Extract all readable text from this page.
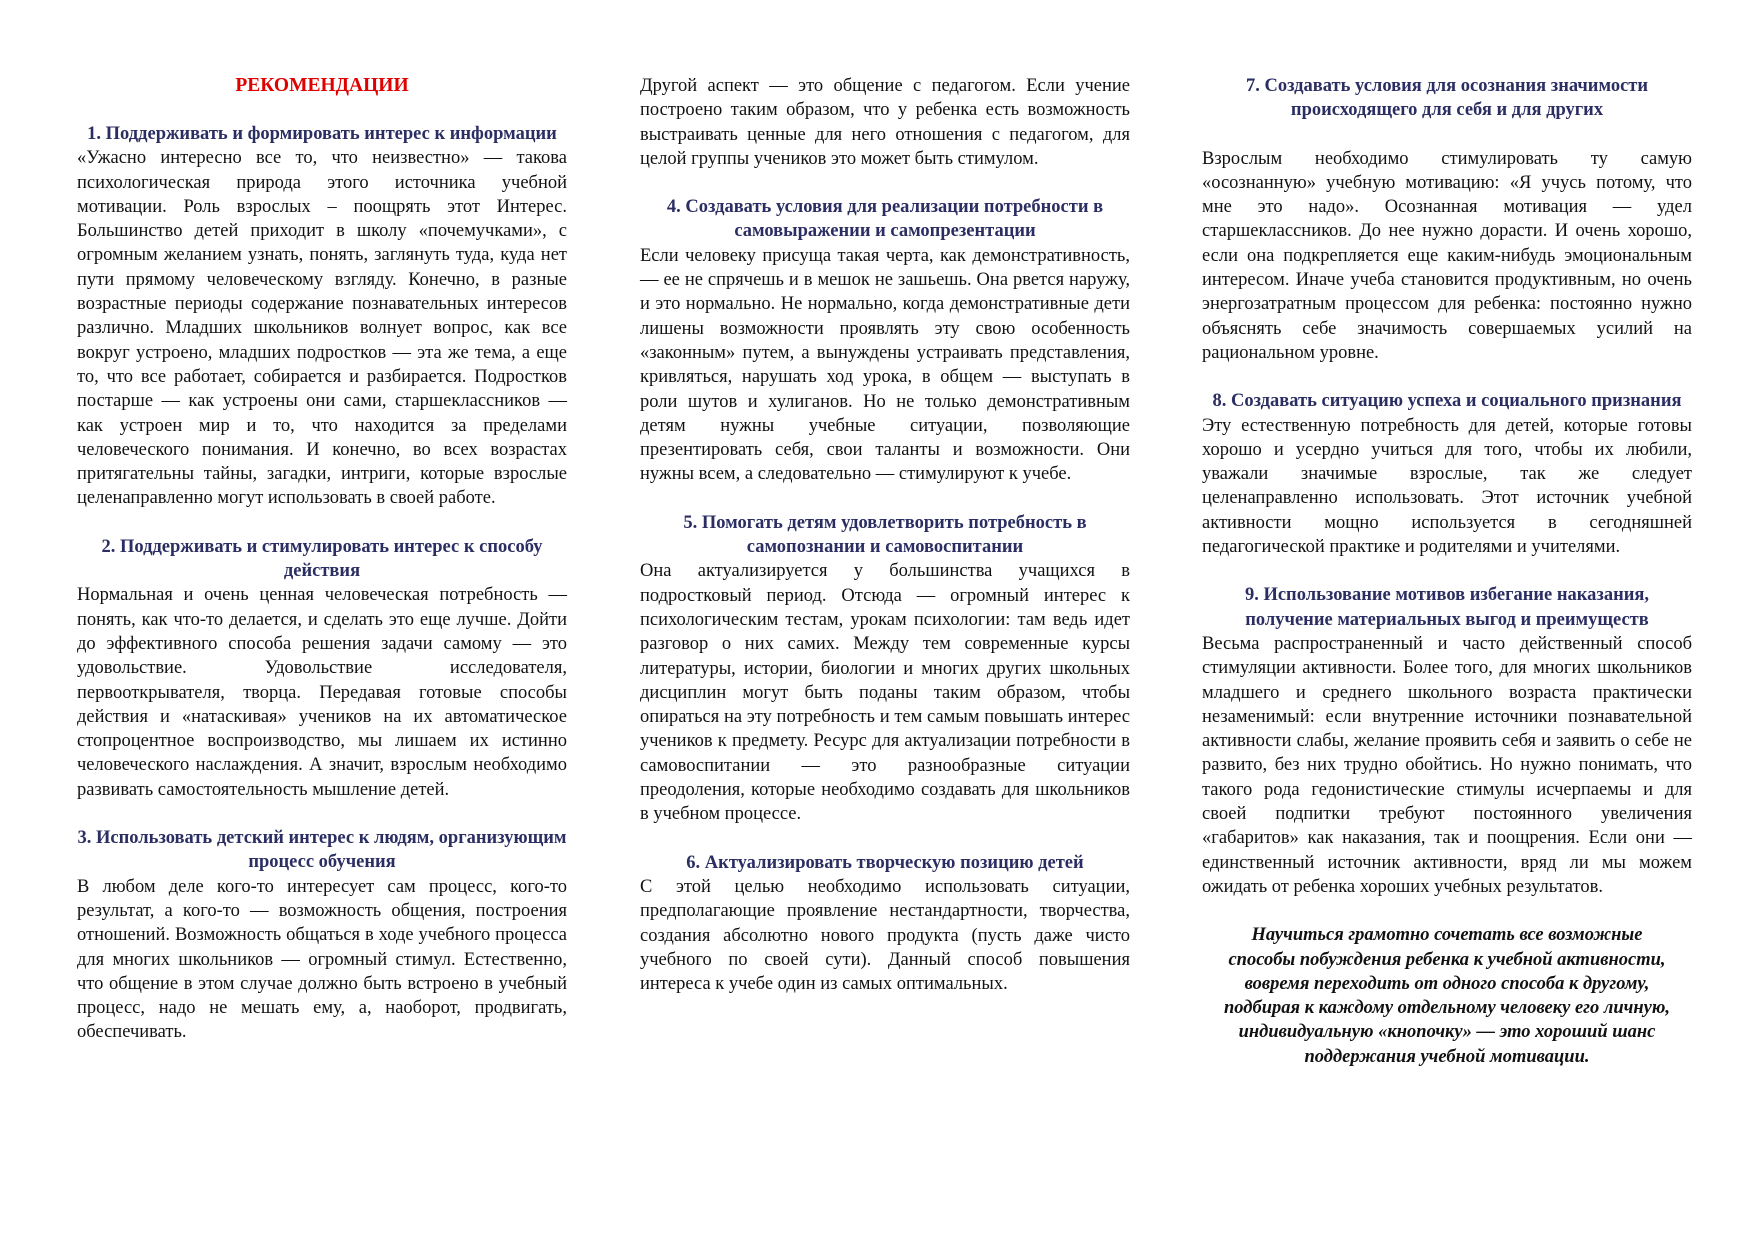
РЕКОМЕНДАЦИИ
1. Поддерживать и формировать интерес к информации

«Ужасно интересно все то, что неизвестно» — такова психологическая природа этого источника учебной мотивации. Роль взрослых – поощрять этот Интерес. Большинство детей приходит в школу «почемучками», с огромным желанием узнать, понять, заглянуть туда, куда нет пути прямому человеческому взгляду. Конечно, в разные возрастные периоды содержание познавательных интересов различно. Младших школьников волнует вопрос, как все вокруг устроено, младших подростков — эта же тема, а еще то, что все работает, собирается и разбирается. Подростков постарше — как устроены они сами, старшеклассников — как устроен мир и то, что находится за пределами человеческого понимания. И конечно, во всех возрастах притягательны тайны, загадки, интриги, которые взрослые целенаправленно могут использовать в своей работе.

2. Поддерживать и стимулировать интерес к способу действия

Нормальная и очень ценная человеческая потребность — понять, как что-то делается, и сделать это еще лучше. Дойти до эффективного способа решения задачи самому — это удовольствие. Удовольствие исследователя, первооткрывателя, творца. Передавая готовые способы действия и «натаскивая» учеников на их автоматическое стопроцентное воспроизводство, мы лишаем их истинно человеческого наслаждения. А значит, взрослым необходимо развивать самостоятельность мышление детей.

3. Использовать детский интерес к людям, организующим процесс обучения

В любом деле кого-то интересует сам процесс, кого-то результат, а кого-то — возможность общения, построения отношений. Возможность общаться в ходе учебного процесса для многих школьников — огромный стимул. Естественно, что общение в этом случае должно быть встроено в учебный процесс, надо не мешать ему, а, наоборот, продвигать, обеспечивать.

Другой аспект — это общение с педагогом. Если учение построено таким образом, что у ребенка есть возможность выстраивать ценные для него отношения с педагогом, для целой группы учеников это может быть стимулом.

4. Создавать условия для реализации потребности в самовыражении и самопрезентации

Если человеку присуща такая черта, как демонстративность, — ее не спрячешь и в мешок не зашьешь. Она рвется наружу, и это нормально. Не нормально, когда демонстративные дети лишены возможности проявлять эту свою особенность «законным» путем, а вынуждены устраивать представления, кривляться, нарушать ход урока, в общем — выступать в роли шутов и хулиганов. Но не только демонстративным детям нужны учебные ситуации, позволяющие презентировать себя, свои таланты и возможности. Они нужны всем, а следовательно — стимулируют к учебе.

5. Помогать детям удовлетворить потребность в самопознании и самовоспитании

Она актуализируется у большинства учащихся в подростковый период. Отсюда — огромный интерес к психологическим тестам, урокам психологии: там ведь идет разговор о них самих. Между тем современные курсы литературы, истории, биологии и многих других школьных дисциплин могут быть поданы таким образом, чтобы опираться на эту потребность и тем самым повышать интерес учеников к предмету. Ресурс для актуализации потребности в самовоспитании — это разнообразные ситуации преодоления, которые необходимо создавать для школьников в учебном процессе.

6. Актуализировать творческую позицию детей

С этой целью необходимо использовать ситуации, предполагающие проявление нестандартности, творчества, создания абсолютно нового продукта (пусть даже чисто учебного по своей сути). Данный способ повышения интереса к учебе один из самых оптимальных.

7. Создавать условия для осознания значимости происходящего для себя и для других

Взрослым необходимо стимулировать ту самую «осознанную» учебную мотивацию: «Я учусь потому, что мне это надо». Осознанная мотивация — удел старшеклассников. До нее нужно дорасти. И очень хорошо, если она подкрепляется еще каким-нибудь эмоциональным интересом. Иначе учеба становится продуктивным, но очень энергозатратным процессом для ребенка: постоянно нужно объяснять себе значимость совершаемых усилий на рациональном уровне.

8. Создавать ситуацию успеха и социального признания

Эту естественную потребность для детей, которые готовы хорошо и усердно учиться для того, чтобы их любили, уважали значимые взрослые, так же следует целенаправленно использовать. Этот источник учебной активности мощно используется в сегодняшней педагогической практике и родителями и учителями.

9. Использование мотивов избегание наказания, получение материальных выгод и преимуществ

Весьма распространенный и часто действенный способ стимуляции активности. Более того, для многих школьников младшего и среднего школьного возраста практически незаменимый: если внутренние источники познавательной активности слабы, желание проявить себя и заявить о себе не развито, без них трудно обойтись. Но нужно понимать, что такого рода гедонистические стимулы исчерпаемы и для своей подпитки требуют постоянного увеличения «габаритов» как наказания, так и поощрения. Если они — единственный источник активности, вряд ли мы можем ожидать от ребенка хороших учебных результатов.

Научиться грамотно сочетать все возможные способы побуждения ребенка к учебной активности, вовремя переходить от одного способа к другому, подбирая к каждому отдельному человеку его личную, индивидуальную «кнопочку» — это хороший шанс поддержания учебной мотивации.
